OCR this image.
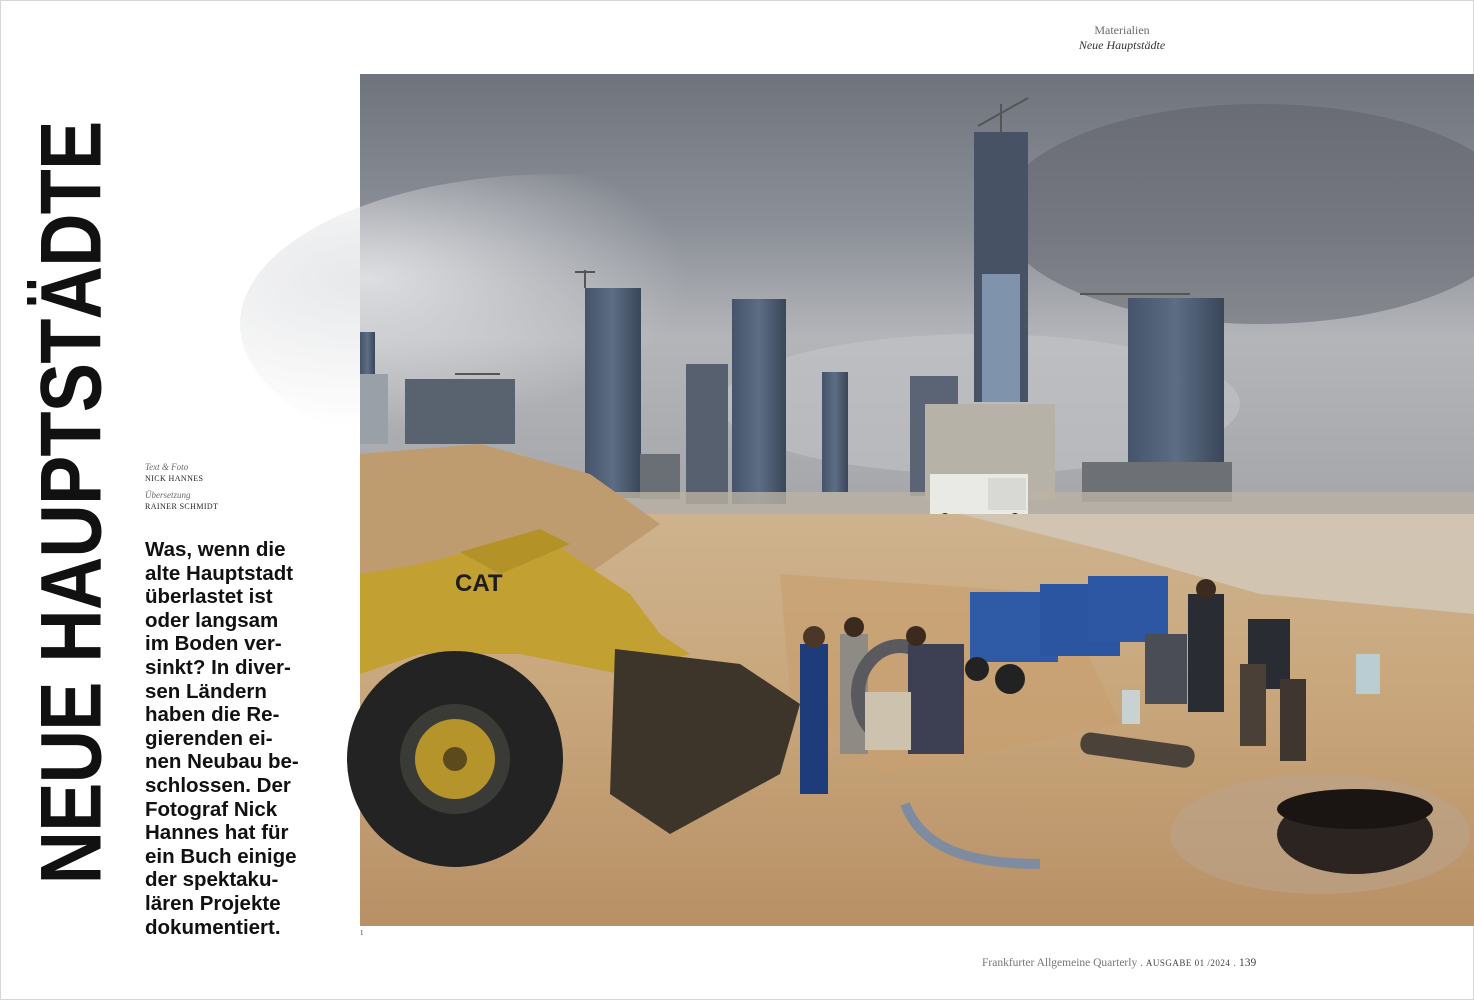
Materialien
Neue Hauptstädte
NEUE HAUPTSTÄDTE	Text & Foto
NICK HANNES
Übersetzung
RAINER SCHMIDT

Was, wenn die
alte Hauptstadt
überlastet ist
oder langsam
im Boden ver-
sinkt? In diver-
sen Ländern
haben die Re-
gierenden ei-
nen Neubau be-
schlossen. Der
Fotograf Nick
Hannes hat für
ein Buch einige
der spektaku-
lären Projekte
dokumentiert.

CAT
1
Frankfurter Allgemeine Quarterly . AUSGABE 01 /2024 . 139
